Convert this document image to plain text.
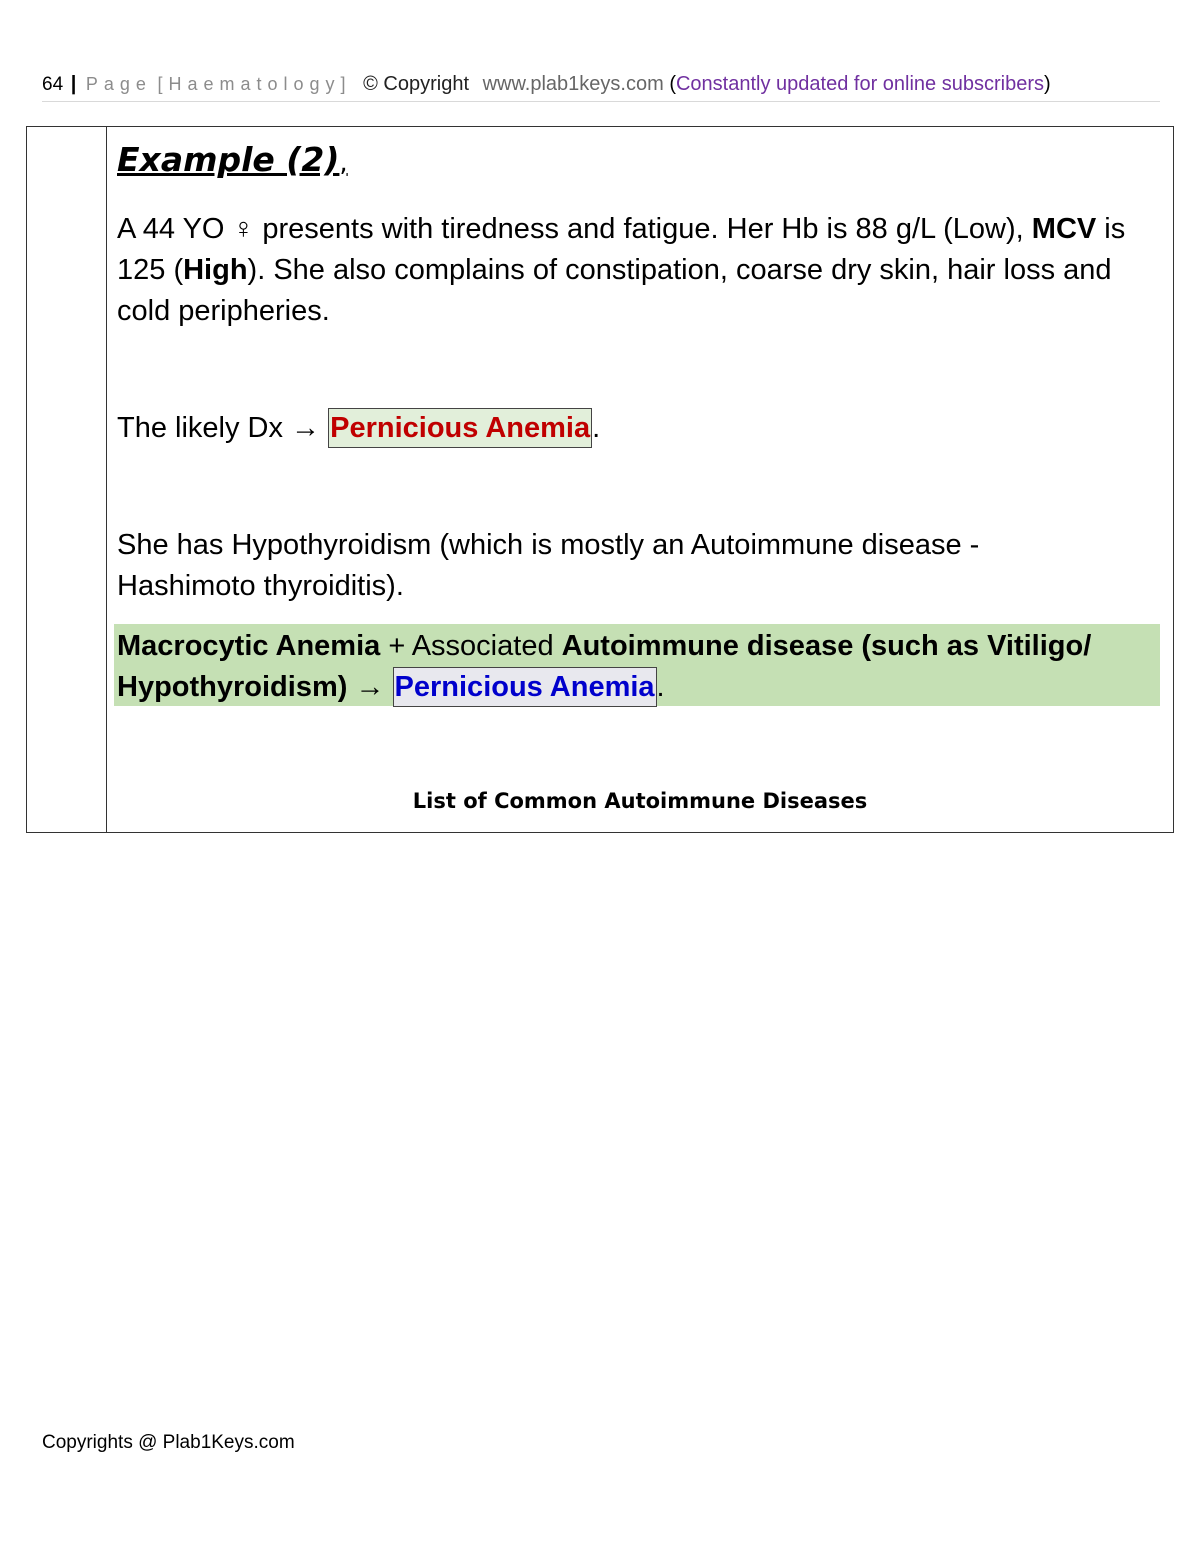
64 | Page [Haematology] © Copyright www.plab1keys.com (Constantly updated for online subscribers)
Example (2),
A 44 YO ♀ presents with tiredness and fatigue. Her Hb is 88 g/L (Low), MCV is 125 (High). She also complains of constipation, coarse dry skin, hair loss and cold peripheries.
The likely Dx → Pernicious Anemia.
She has Hypothyroidism (which is mostly an Autoimmune disease - Hashimoto thyroiditis).
Macrocytic Anemia + Associated Autoimmune disease (such as Vitiligo/ Hypothyroidism) → Pernicious Anemia.
List of Common Autoimmune Diseases
Copyrights @ Plab1Keys.com
